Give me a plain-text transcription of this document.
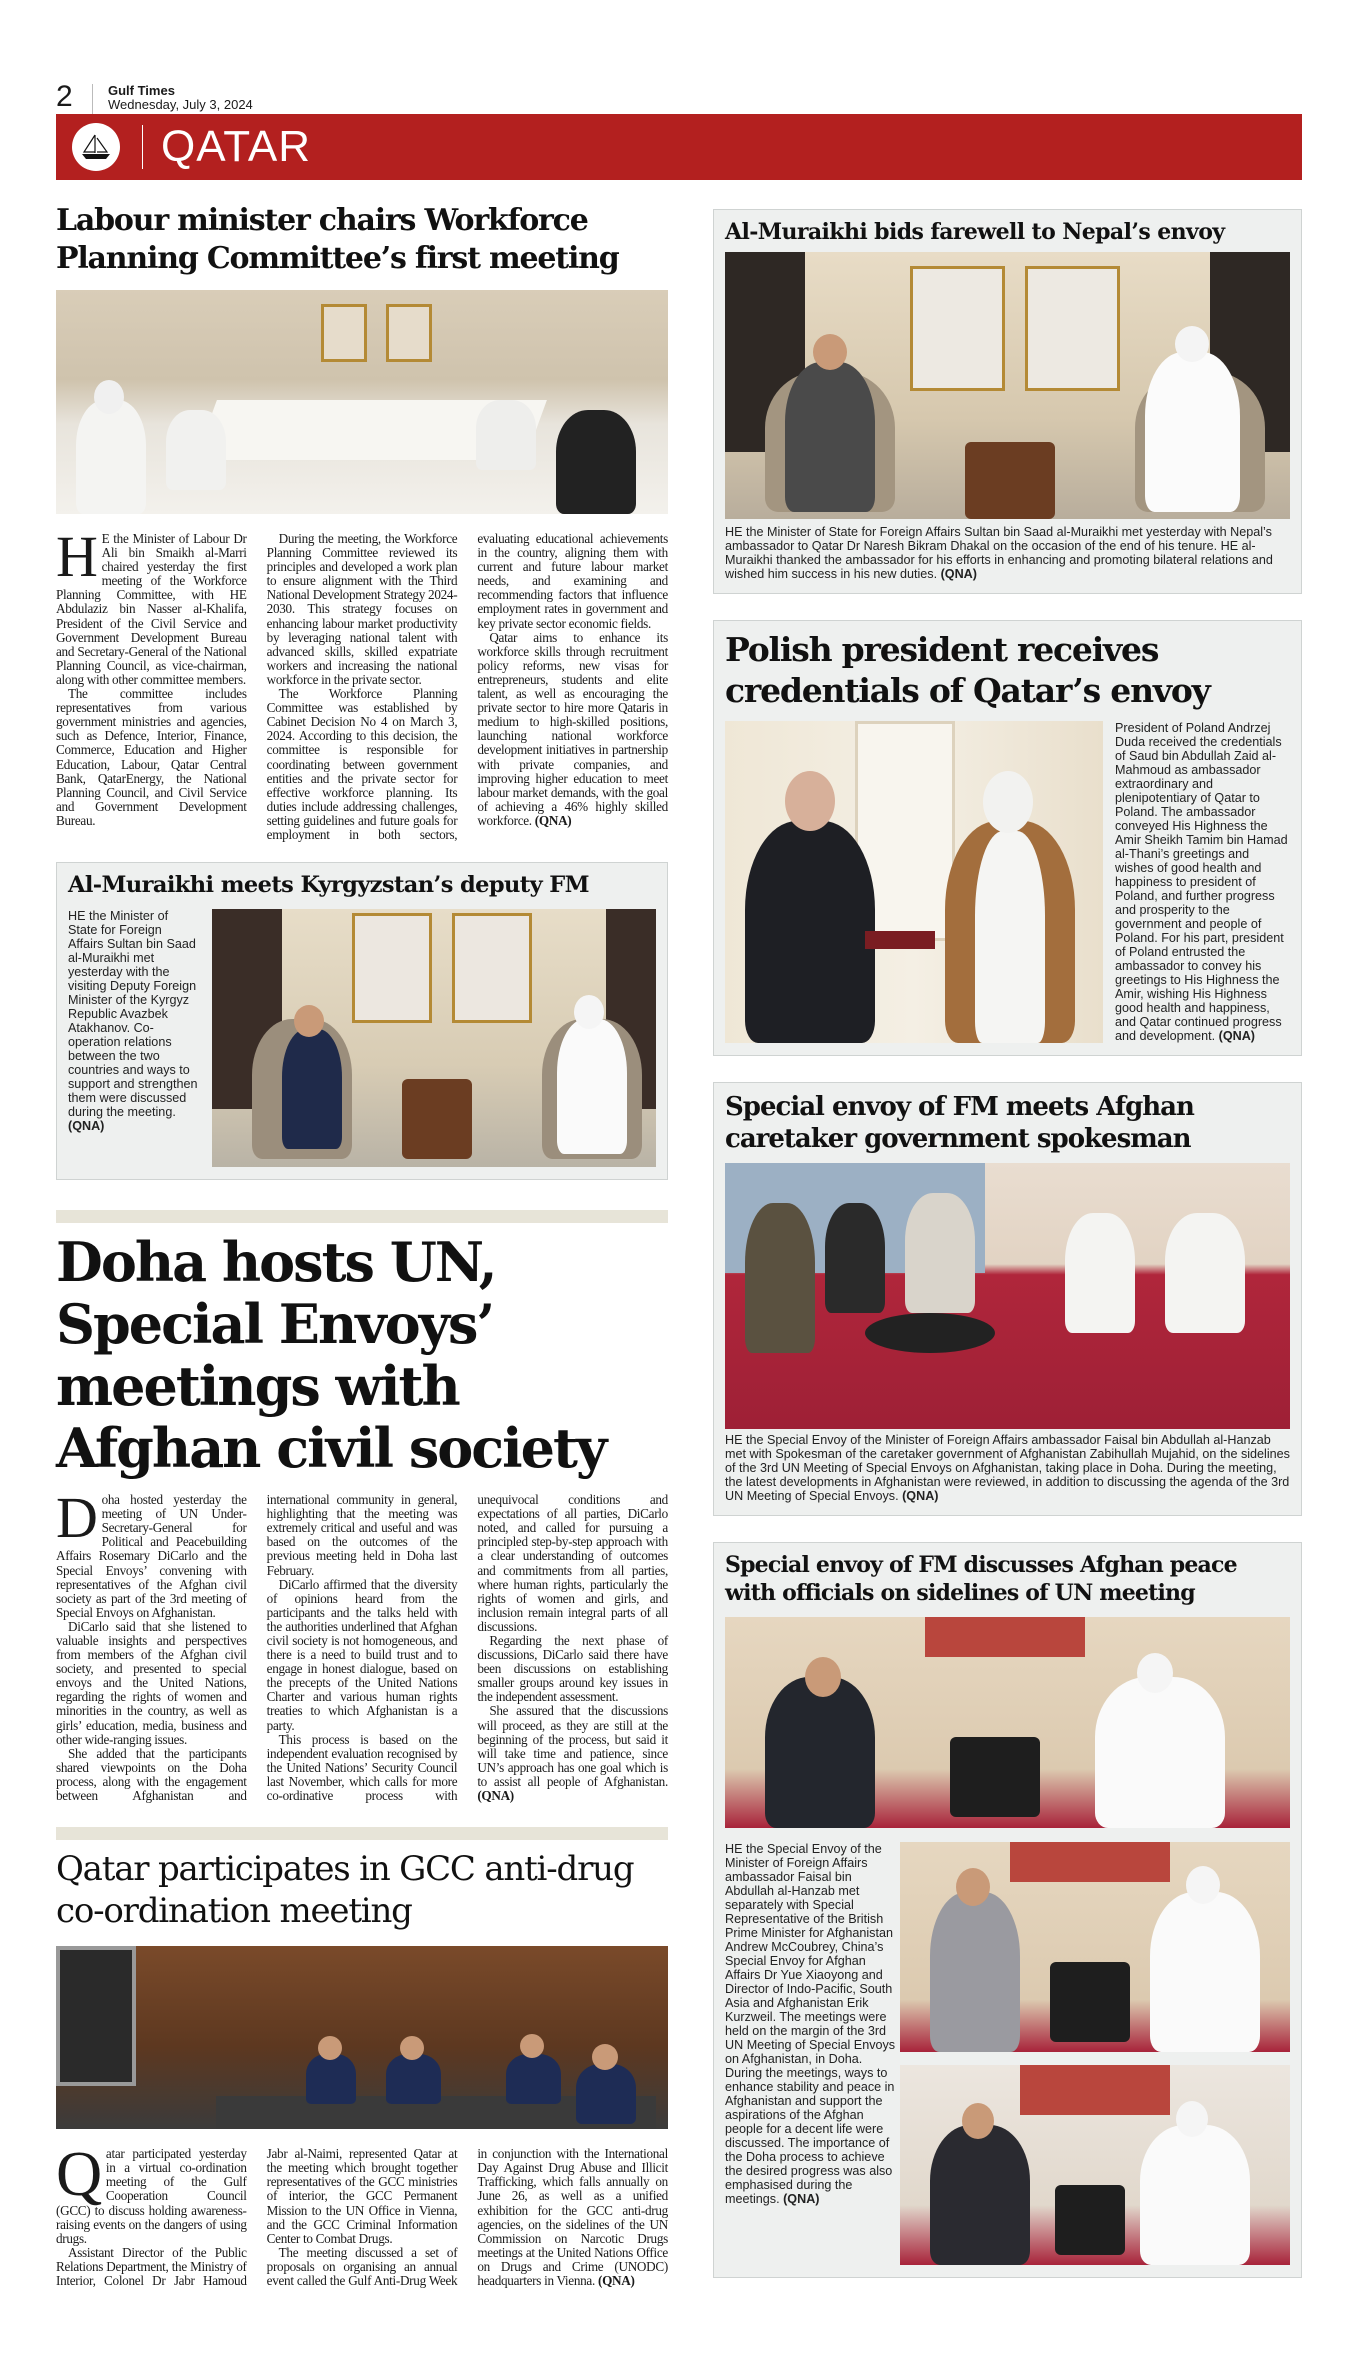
2	Gulf Times
Wednesday, July 3, 2024
QATAR
Labour minister chairs Workforce Planning Committee’s first meeting

H E the Minister of Labour Dr Ali bin Smaikh al-Marri chaired yesterday the first meeting of the Workforce Planning Committee, with HE Abdulaziz bin Nasser al-Khalifa, President of the Civil Service and Government Development Bureau and Secretary-General of the National Planning Council, as vice-chairman, along with other committee members.

The committee includes representatives from various government ministries and agencies, such as Defence, Interior, Finance, Commerce, Education and Higher Education, Labour, Qatar Central Bank, QatarEnergy, the National Planning Council, and Civil Service and Government Development Bureau.

During the meeting, the Workforce Planning Committee reviewed its principles and developed a work plan to ensure alignment with the Third National Development Strategy 2024-2030. This strategy focuses on enhancing labour market productivity by leveraging national talent with advanced skills, skilled expatriate workers and increasing the national workforce in the private sector.

The Workforce Planning Committee was established by Cabinet Decision No 4 on March 3, 2024. According to this decision, the committee is responsible for coordinating between government entities and the private sector for effective workforce planning. Its duties include addressing challenges, setting guidelines and future goals for employment in both sectors, evaluating educational achievements in the country, aligning them with current and future labour market needs, and examining and recommending factors that influence employment rates in government and key private sector economic fields.

Qatar aims to enhance its workforce skills through recruitment policy reforms, new visas for entrepreneurs, students and elite talent, as well as encouraging the private sector to hire more Qataris in medium to high-skilled positions, launching national workforce development initiatives in partnership with private companies, and improving higher education to meet labour market demands, with the goal of achieving a 46% highly skilled workforce. (QNA)

Al-Muraikhi meets Kyrgyzstan’s deputy FM
HE the Minister of State for Foreign Affairs Sultan bin Saad al-Muraikhi met yesterday with the visiting Deputy Foreign Minister of the Kyrgyz Republic Avazbek Atakhanov. Co-operation relations between the two countries and ways to support and strengthen them were discussed during the meeting. (QNA)
Doha hosts UN, Special Envoys’ meetings with Afghan civil society

Doha hosted yesterday the meeting of UN Under-Secretary-General for Political and Peacebuilding Affairs Rosemary DiCarlo and the Special Envoys’ convening with representatives of the Afghan civil society as part of the 3rd meeting of Special Envoys on Afghanistan.

DiCarlo said that she listened to valuable insights and perspectives from members of the Afghan civil society, and presented to special envoys and the United Nations, regarding the rights of women and minorities in the country, as well as girls’ education, media, business and other wide-ranging issues.

She added that the participants shared viewpoints on the Doha process, along with the engagement between Afghanistan and international community in general, highlighting that the meeting was extremely critical and useful and was based on the outcomes of the previous meeting held in Doha last February.

DiCarlo affirmed that the diversity of opinions heard from the participants and the talks held with the authorities underlined that Afghan civil society is not homogeneous, and there is a need to build trust and to engage in honest dialogue, based on the precepts of the United Nations Charter and various human rights treaties to which Afghanistan is a party.

This process is based on the independent evaluation recognised by the United Nations’ Security Council last November, which calls for more co-ordinative process with unequivocal conditions and expectations of all parties, DiCarlo noted, and called for pursuing a principled step-by-step approach with a clear understanding of outcomes and commitments from all parties, where human rights, particularly the rights of women and girls, and inclusion remain integral parts of all discussions.

Regarding the next phase of discussions, DiCarlo said there have been discussions on establishing smaller groups around key issues in the independent assessment.

She assured that the discussions will proceed, as they are still at the beginning of the process, but said it will take time and patience, since UN’s approach has one goal which is to assist all people of Afghanistan. (QNA)

Qatar participates in GCC anti-drug co-ordination meeting

Qatar participated yesterday in a virtual co-ordination meeting of the Gulf Cooperation Council (GCC) to discuss holding awareness-raising events on the dangers of using drugs.

Assistant Director of the Public Relations Department, the Ministry of Interior, Colonel Dr Jabr Hamoud Jabr al-Naimi, represented Qatar at the meeting which brought together representatives of the GCC ministries of interior, the GCC Permanent Mission to the UN Office in Vienna, and the GCC Criminal Information Center to Combat Drugs.

The meeting discussed a set of proposals on organising an annual event called the Gulf Anti-Drug Week in conjunction with the International Day Against Drug Abuse and Illicit Trafficking, which falls annually on June 26, as well as a unified exhibition for the GCC anti-drug agencies, on the sidelines of the UN Commission on Narcotic Drugs meetings at the United Nations Office on Drugs and Crime (UNODC) headquarters in Vienna. (QNA)

Al-Muraikhi bids farewell to Nepal’s envoy
HE the Minister of State for Foreign Affairs Sultan bin Saad al-Muraikhi met yesterday with Nepal’s ambassador to Qatar Dr Naresh Bikram Dhakal on the occasion of the end of his tenure. HE al-Muraikhi thanked the ambassador for his efforts in enhancing and promoting bilateral relations and wished him success in his new duties. (QNA)
Polish president receives credentials of Qatar’s envoy
President of Poland Andrzej Duda received the credentials of Saud bin Abdullah Zaid al-Mahmoud as ambassador extraordinary and plenipotentiary of Qatar to Poland. The ambassador conveyed His Highness the Amir Sheikh Tamim bin Hamad al-Thani’s greetings and wishes of good health and happiness to president of Poland, and further progress and prosperity to the government and people of Poland. For his part, president of Poland entrusted the ambassador to convey his greetings to His Highness the Amir, wishing His Highness good health and happiness, and Qatar continued progress and development. (QNA)
Special envoy of FM meets Afghan caretaker government spokesman
HE the Special Envoy of the Minister of Foreign Affairs ambassador Faisal bin Abdullah al-Hanzab met with Spokesman of the caretaker government of Afghanistan Zabihullah Mujahid, on the sidelines of the 3rd UN Meeting of Special Envoys on Afghanistan, taking place in Doha. During the meeting, the latest developments in Afghanistan were reviewed, in addition to discussing the agenda of the 3rd UN Meeting of Special Envoys. (QNA)
Special envoy of FM discusses Afghan peace with officials on sidelines of UN meeting
HE the Special Envoy of the Minister of Foreign Affairs ambassador Faisal bin Abdullah al-Hanzab met separately with Special Representative of the British Prime Minister for Afghanistan Andrew McCoubrey, China’s Special Envoy for Afghan Affairs Dr Yue Xiaoyong and Director of Indo-Pacific, South Asia and Afghanistan Erik Kurzweil. The meetings were held on the margin of the 3rd UN Meeting of Special Envoys on Afghanistan, in Doha. During the meetings, ways to enhance stability and peace in Afghanistan and support the aspirations of the Afghan people for a decent life were discussed. The importance of the Doha process to achieve the desired progress was also emphasised during the meetings. (QNA)
